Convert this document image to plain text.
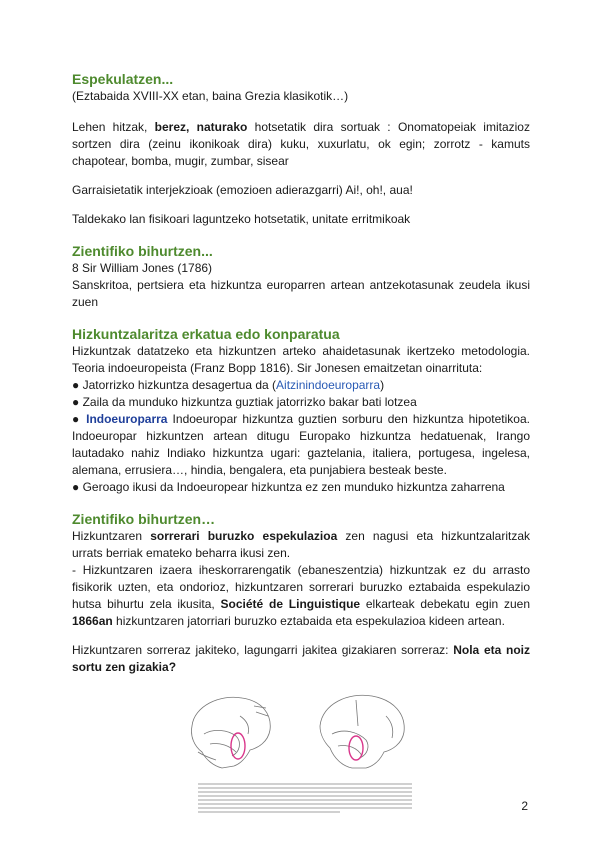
Espekulatzen...

(Eztabaida XVIII-XX etan, baina Grezia klasikotik…)

Lehen hitzak, berez, naturako hotsetatik dira sortuak : Onomatopeiak imitazioz sortzen dira (zeinu ikonikoak dira) kuku, xuxurlatu, ok egin; zorrotz - kamuts chapotear, bomba, mugir, zumbar, sisear

Garraisietatik interjekzioak (emozioen adierazgarri) Ai!, oh!, aua!

Taldekako lan fisikoari laguntzeko hotsetatik, unitate erritmikoak

Zientifiko bihurtzen...

8 Sir William Jones (1786)

Sanskritoa, pertsiera eta hizkuntza europarren artean antzekotasunak zeudela ikusi zuen

Hizkuntzalaritza erkatua edo konparatua

Hizkuntzak datatzeko eta hizkuntzen arteko ahaidetasunak ikertzeko metodologia. Teoria indoeuropeista (Franz Bopp 1816). Sir Jonesen emaitzetan oinarrituta:

● Jatorrizko hizkuntza desagertua da (Aitzinindoeuroparra)

● Zaila da munduko hizkuntza guztiak jatorrizko bakar bati lotzea

● Indoeuroparra Indoeuropar hizkuntza guztien sorburu den hizkuntza hipotetikoa. Indoeuropar hizkuntzen artean ditugu Europako hizkuntza hedatuenak, Irango lautadako nahiz Indiako hizkuntza ugari: gaztelania, italiera, portugesa, ingelesa, alemana, errusiera…, hindia, bengalera, eta punjabiera besteak beste.

● Geroago ikusi da Indoeuropear hizkuntza ez zen munduko hizkuntza zaharrena

Zientifiko bihurtzen…

Hizkuntzaren sorrerari buruzko espekulazioa zen nagusi eta hizkuntzalaritzak urrats berriak emateko beharra ikusi zen.

- Hizkuntzaren izaera iheskorrarengatik (ebaneszentzia) hizkuntzak ez du arrasto fisikorik uzten, eta ondorioz, hizkuntzaren sorrerari buruzko eztabaida espekulazio hutsa bihurtu zela ikusita, Société de Linguistique elkarteak debekatu egin zuen 1866an hizkuntzaren jatorriari buruzko eztabaida eta espekulazioa kideen artean.

Hizkuntzaren sorreraz jakiteko, lagungarri jakitea gizakiaren sorreraz: Nola eta noiz sortu zen gizakia?

2
